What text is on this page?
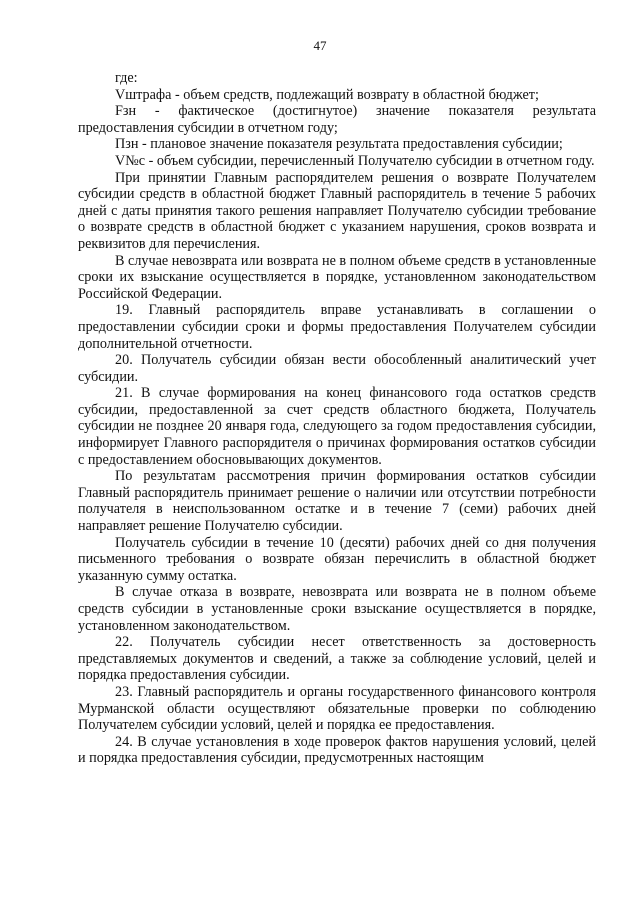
47

где:

Vштрафа - объем средств, подлежащий возврату в областной бюджет;

Fзн - фактическое (достигнутое) значение показателя результата предоставления субсидии в отчетном году;

Пзн - плановое значение показателя результата предоставления субсидии;

V№с - объем субсидии, перечисленный Получателю субсидии в отчетном году.

При принятии Главным распорядителем решения о возврате Получателем субсидии средств в областной бюджет Главный распорядитель в течение 5 рабочих дней с даты принятия такого решения направляет Получателю субсидии требование о возврате средств в областной бюджет с указанием нарушения, сроков возврата и реквизитов для перечисления.

В случае невозврата или возврата не в полном объеме средств в установленные сроки их взыскание осуществляется в порядке, установленном законодательством Российской Федерации.

19. Главный распорядитель вправе устанавливать в соглашении о предоставлении субсидии сроки и формы предоставления Получателем субсидии дополнительной отчетности.

20. Получатель субсидии обязан вести обособленный аналитический учет субсидии.

21. В случае формирования на конец финансового года остатков средств субсидии, предоставленной за счет средств областного бюджета, Получатель субсидии не позднее 20 января года, следующего за годом предоставления субсидии, информирует Главного распорядителя о причинах формирования остатков субсидии с предоставлением обосновывающих документов.

По результатам рассмотрения причин формирования остатков субсидии Главный распорядитель принимает решение о наличии или отсутствии потребности получателя в неиспользованном остатке и в течение 7 (семи) рабочих дней направляет решение Получателю субсидии.

Получатель субсидии в течение 10 (десяти) рабочих дней со дня получения письменного требования о возврате обязан перечислить в областной бюджет указанную сумму остатка.

В случае отказа в возврате, невозврата или возврата не в полном объеме средств субсидии в установленные сроки взыскание осуществляется в порядке, установленном законодательством.

22. Получатель субсидии несет ответственность за достоверность представляемых документов и сведений, а также за соблюдение условий, целей и порядка предоставления субсидии.

23. Главный распорядитель и органы государственного финансового контроля Мурманской области осуществляют обязательные проверки по соблюдению Получателем субсидии условий, целей и порядка ее предоставления.

24. В случае установления в ходе проверок фактов нарушения условий, целей и порядка предоставления субсидии, предусмотренных настоящим
